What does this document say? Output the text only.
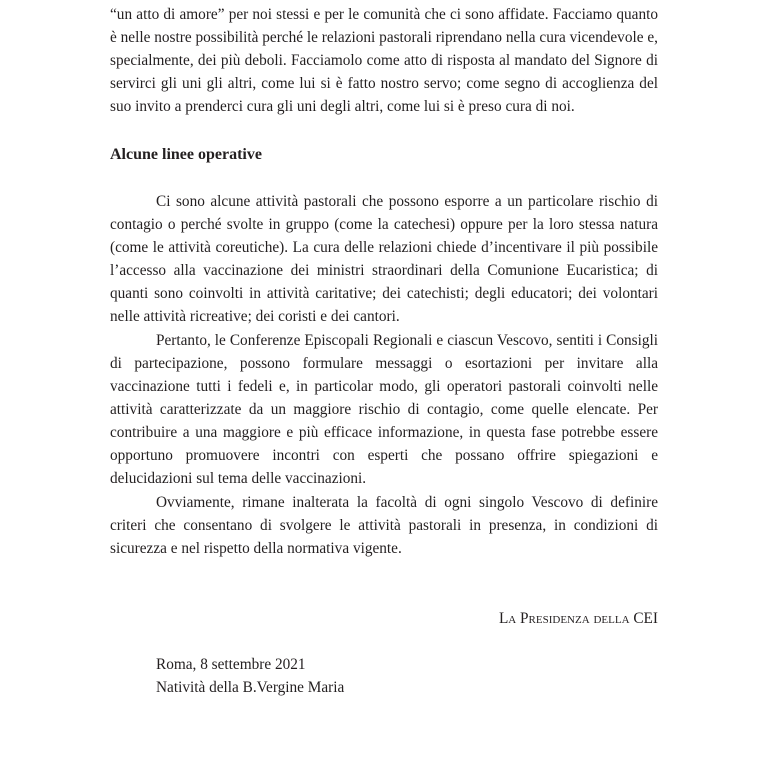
“un atto di amore” per noi stessi e per le comunità che ci sono affidate. Facciamo quanto è nelle nostre possibilità perché le relazioni pastorali riprendano nella cura vicendevole e, specialmente, dei più deboli. Facciamolo come atto di risposta al mandato del Signore di servirci gli uni gli altri, come lui si è fatto nostro servo; come segno di accoglienza del suo invito a prenderci cura gli uni degli altri, come lui si è preso cura di noi.

Alcune linee operative

Ci sono alcune attività pastorali che possono esporre a un particolare rischio di contagio o perché svolte in gruppo (come la catechesi) oppure per la loro stessa natura (come le attività coreutiche). La cura delle relazioni chiede d’incentivare il più possibile l’accesso alla vaccinazione dei ministri straordinari della Comunione Eucaristica; di quanti sono coinvolti in attività caritative; dei catechisti; degli educatori; dei volontari nelle attività ricreative; dei coristi e dei cantori.

Pertanto, le Conferenze Episcopali Regionali e ciascun Vescovo, sentiti i Consigli di partecipazione, possono formulare messaggi o esortazioni per invitare alla vaccinazione tutti i fedeli e, in particolar modo, gli operatori pastorali coinvolti nelle attività caratterizzate da un maggiore rischio di contagio, come quelle elencate. Per contribuire a una maggiore e più efficace informazione, in questa fase potrebbe essere opportuno promuovere incontri con esperti che possano offrire spiegazioni e delucidazioni sul tema delle vaccinazioni.

Ovviamente, rimane inalterata la facoltà di ogni singolo Vescovo di definire criteri che consentano di svolgere le attività pastorali in presenza, in condizioni di sicurezza e nel rispetto della normativa vigente.

La Presidenza della CEI

Roma, 8 settembre 2021

Natività della B.Vergine Maria
